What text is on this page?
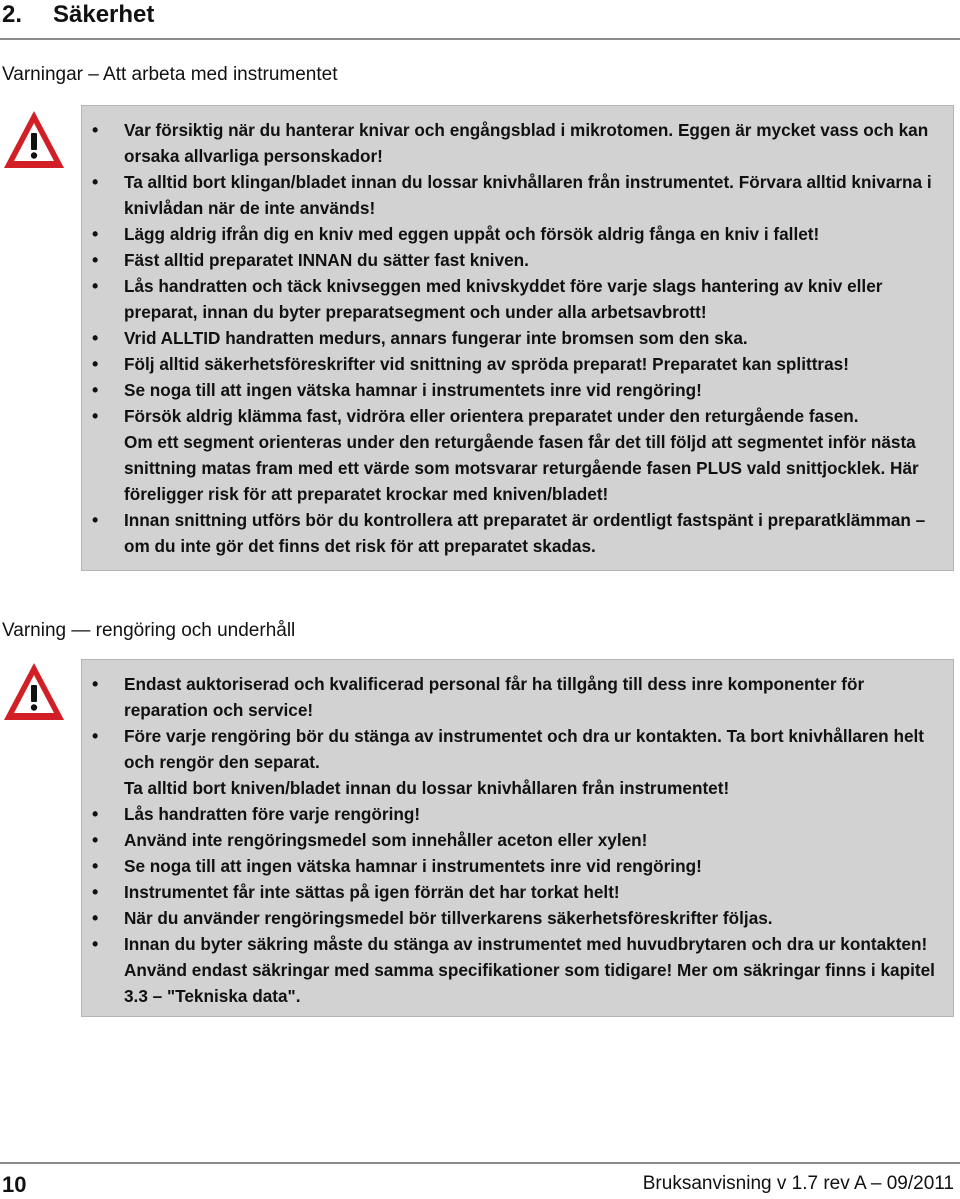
2. Säkerhet
Varningar – Att arbeta med instrumentet
• Var försiktig när du hanterar knivar och engångsblad i mikrotomen. Eggen är mycket vass och kan orsaka allvarliga personskador!
• Ta alltid bort klingan/bladet innan du lossar knivhållaren från instrumentet. Förvara alltid knivarna i knivlådan när de inte används!
• Lägg aldrig ifrån dig en kniv med eggen uppåt och försök aldrig fånga en kniv i fallet!
• Fäst alltid preparatet INNAN du sätter fast kniven.
• Lås handratten och täck knivseggen med knivskyddet före varje slags hantering av kniv eller preparat, innan du byter preparatsegment och under alla arbetsavbrott!
• Vrid ALLTID handratten medurs, annars fungerar inte bromsen som den ska.
• Följ alltid säkerhetsföreskrifter vid snittning av spröda preparat! Preparatet kan splittras!
• Se noga till att ingen vätska hamnar i instrumentets inre vid rengöring!
• Försök aldrig klämma fast, vidröra eller orientera preparatet under den returgående fasen.
Om ett segment orienteras under den returgående fasen får det till följd att segmentet inför nästa snittning matas fram med ett värde som motsvarar returgående fasen PLUS vald snittjocklek. Här föreligger risk för att preparatet krockar med kniven/bladet!
• Innan snittning utförs bör du kontrollera att preparatet är ordentligt fastspänt i preparatklämman – om du inte gör det finns det risk för att preparatet skadas.
Varning — rengöring och underhåll
• Endast auktoriserad och kvalificerad personal får ha tillgång till dess inre komponenter för reparation och service!
• Före varje rengöring bör du stänga av instrumentet och dra ur kontakten. Ta bort knivhållaren helt och rengör den separat.
Ta alltid bort kniven/bladet innan du lossar knivhållaren från instrumentet!
• Lås handratten före varje rengöring!
• Använd inte rengöringsmedel som innehåller aceton eller xylen!
• Se noga till att ingen vätska hamnar i instrumentets inre vid rengöring!
• Instrumentet får inte sättas på igen förrän det har torkat helt!
• När du använder rengöringsmedel bör tillverkarens säkerhetsföreskrifter följas.
• Innan du byter säkring måste du stänga av instrumentet med huvudbrytaren och dra ur kontakten! Använd endast säkringar med samma specifikationer som tidigare! Mer om säkringar finns i kapitel 3.3 – "Tekniska data".
10	Bruksanvisning v 1.7 rev A – 09/2011
